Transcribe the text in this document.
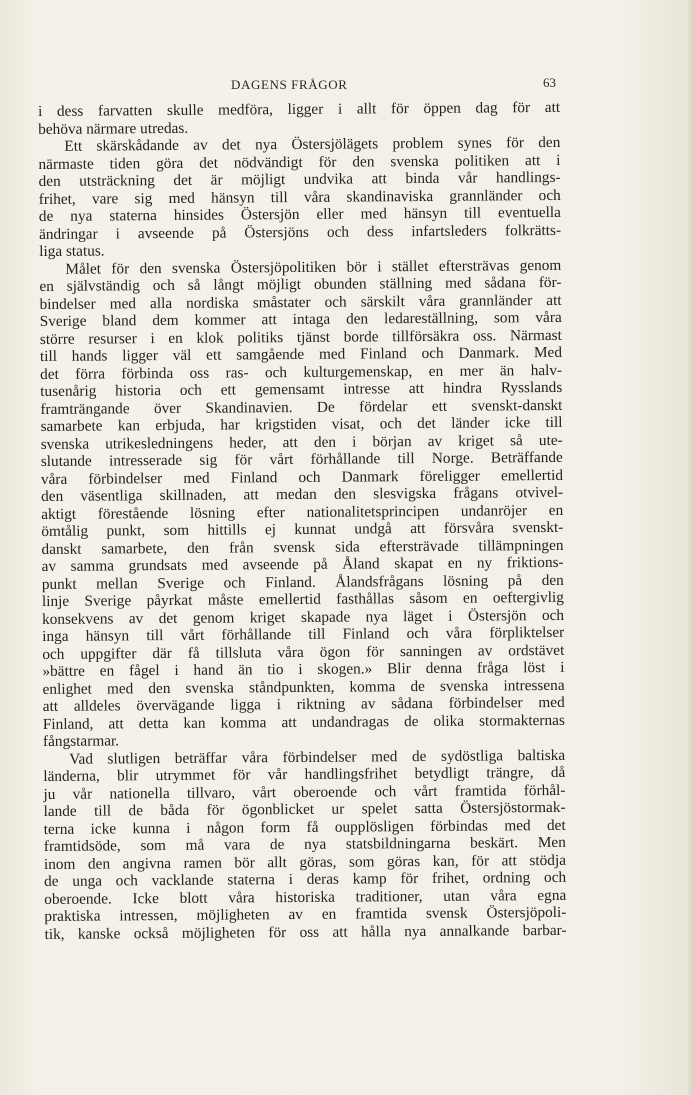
DAGENS FRÅGOR	63
i dess farvatten skulle medföra, ligger i allt för öppen dag för att
behöva närmare utredas.
Ett skärskådande av det nya Östersjölägets problem synes för den
närmaste tiden göra det nödvändigt för den svenska politiken att i
den utsträckning det är möjligt undvika att binda vår handlings-
frihet, vare sig med hänsyn till våra skandinaviska grannländer och
de nya staterna hinsides Östersjön eller med hänsyn till eventuella
ändringar i avseende på Östersjöns och dess infartsleders folkrätts-
liga status.
Målet för den svenska Östersjöpolitiken bör i stället eftersträvas genom
en självständig och så långt möjligt obunden ställning med sådana för-
bindelser med alla nordiska småstater och särskilt våra grannländer att
Sverige bland dem kommer att intaga den ledareställning, som våra
större resurser i en klok politiks tjänst borde tillförsäkra oss. Närmast
till hands ligger väl ett samgående med Finland och Danmark. Med
det förra förbinda oss ras- och kulturgemenskap, en mer än halv-
tusenårig historia och ett gemensamt intresse att hindra Rysslands
framträngande över Skandinavien. De fördelar ett svenskt-danskt
samarbete kan erbjuda, har krigstiden visat, och det länder icke till
svenska utrikesledningens heder, att den i början av kriget så ute-
slutande intresserade sig för vårt förhållande till Norge. Beträffande
våra förbindelser med Finland och Danmark föreligger emellertid
den väsentliga skillnaden, att medan den slesvigska frågans otvivel-
aktigt förestående lösning efter nationalitetsprincipen undanröjer en
ömtålig punkt, som hittills ej kunnat undgå att försvåra svenskt-
danskt samarbete, den från svensk sida eftersträvade tillämpningen
av samma grundsats med avseende på Åland skapat en ny friktions-
punkt mellan Sverige och Finland. Ålandsfrågans lösning på den
linje Sverige påyrkat måste emellertid fasthållas såsom en oeftergivlig
konsekvens av det genom kriget skapade nya läget i Östersjön och
inga hänsyn till vårt förhållande till Finland och våra förpliktelser
och uppgifter där få tillsluta våra ögon för sanningen av ordstävet
»bättre en fågel i hand än tio i skogen.» Blir denna fråga löst i
enlighet med den svenska ståndpunkten, komma de svenska intressena
att alldeles övervägande ligga i riktning av sådana förbindelser med
Finland, att detta kan komma att undandragas de olika stormakternas
fångstarmar.
Vad slutligen beträffar våra förbindelser med de sydöstliga baltiska
länderna, blir utrymmet för vår handlingsfrihet betydligt trängre, då
ju vår nationella tillvaro, vårt oberoende och vårt framtida förhål-
lande till de båda för ögonblicket ur spelet satta Östersjöstormak-
terna icke kunna i någon form få oupplösligen förbindas med det
framtidsöde, som må vara de nya statsbildningarna beskärt. Men
inom den angivna ramen bör allt göras, som göras kan, för att stödja
de unga och vacklande staterna i deras kamp för frihet, ordning och
oberoende. Icke blott våra historiska traditioner, utan våra egna
praktiska intressen, möjligheten av en framtida svensk Östersjöpoli-
tik, kanske också möjligheten för oss att hålla nya annalkande barbar-
